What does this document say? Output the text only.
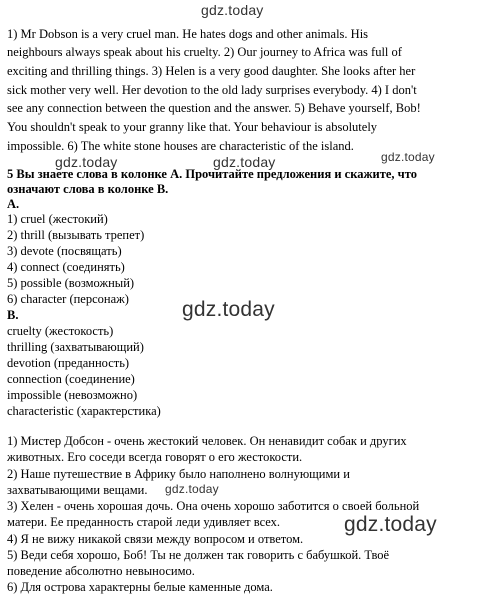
gdz.today
gdz.today	gdz.today	gdz.today
gdz.today
gdz.today
gdz.today
1) Mr Dobson is a very cruel man. He hates dogs and other animals. His
neighbours always speak about his cruelty. 2) Our journey to Africa was full of
exciting and thrilling things. 3) Helen is a very good daughter. She looks after her
sick mother very well. Her devotion to the old lady surprises everybody. 4) I don't
see any connection between the question and the answer. 5) Behave yourself, Bob!
You shouldn't speak to your granny like that. Your behaviour is absolutely
impossible. 6) The white stone houses are characteristic of the island.
5 Вы знаете слова в колонке А. Прочитайте предложения и скажите, что
означают слова в колонке В.
A.
1) cruel (жестокий)
2) thrill (вызывать трепет)
3) devote (посвящать)
4) connect (соединять)
5) possible (возможный)
6) character (персонаж)
B.
cruelty (жестокость)
thrilling (захватывающий)
devotion (преданность)
connection (соединение)
impossible (невозможно)
characteristic (характерстика)
1) Мистер Добсон - очень жестокий человек. Он ненавидит собак и других
животных. Его соседи всегда говорят о его жестокости.
2) Наше путешествие в Африку было наполнено волнующими и
захватывающими вещами.
3) Хелен - очень хорошая дочь. Она очень хорошо заботится о своей больной
матери. Ее преданность старой леди удивляет всех.
4) Я не вижу никакой связи между вопросом и ответом.
5) Веди себя хорошо, Боб! Ты не должен так говорить с бабушкой. Твоё
поведение абсолютно невыносимо.
6) Для острова характерны белые каменные дома.
